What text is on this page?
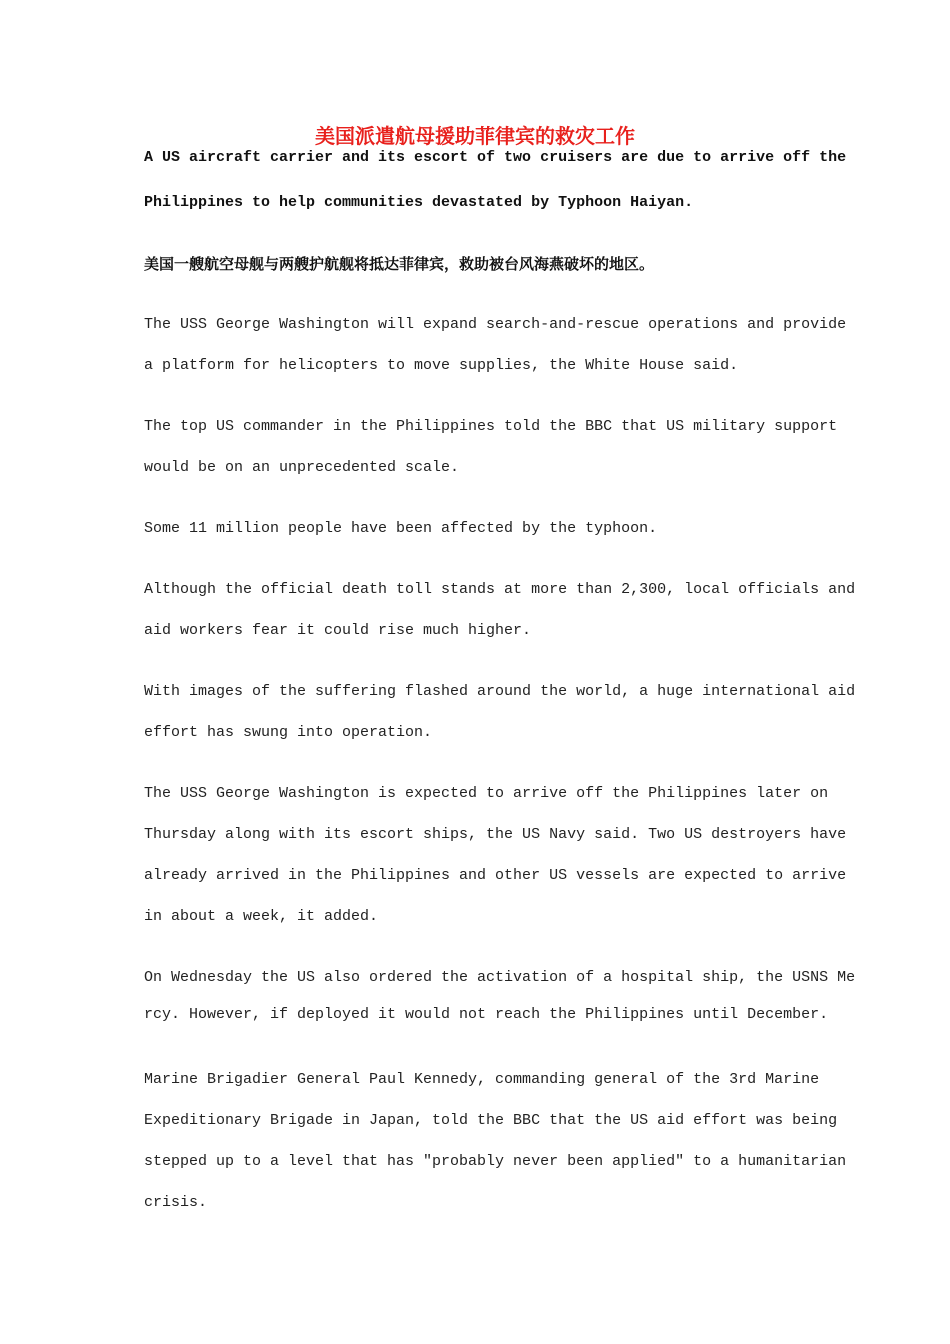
美国派遣航母援助菲律宾的救灾工作
A US aircraft carrier and its escort of two cruisers are due to arrive off the
Philippines to help communities devastated by Typhoon Haiyan.
美国一艘航空母舰与两艘护航舰将抵达菲律宾，救助被台风海燕破坏的地区。
The USS George Washington will expand search-and-rescue operations and provide
a platform for helicopters to move supplies, the White House said.
The top US commander in the Philippines told the BBC that US military support
would be on an unprecedented scale.
Some 11 million people have been affected by the typhoon.
Although the official death toll stands at more than 2,300, local officials and
aid workers fear it could rise much higher.
With images of the suffering flashed around the world, a huge international aid
effort has swung into operation.
The USS George Washington is expected to arrive off the Philippines later on
Thursday along with its escort ships, the US Navy said. Two US destroyers have
already arrived in the Philippines and other US vessels are expected to arrive
in about a week, it added.
On Wednesday the US also ordered the activation of a hospital ship, the USNS Me
rcy. However, if deployed it would not reach the Philippines until December.
Marine Brigadier General Paul Kennedy, commanding general of the 3rd Marine
Expeditionary Brigade in Japan, told the BBC that the US aid effort was being
stepped up to a level that has "probably never been applied" to a humanitarian
crisis.
